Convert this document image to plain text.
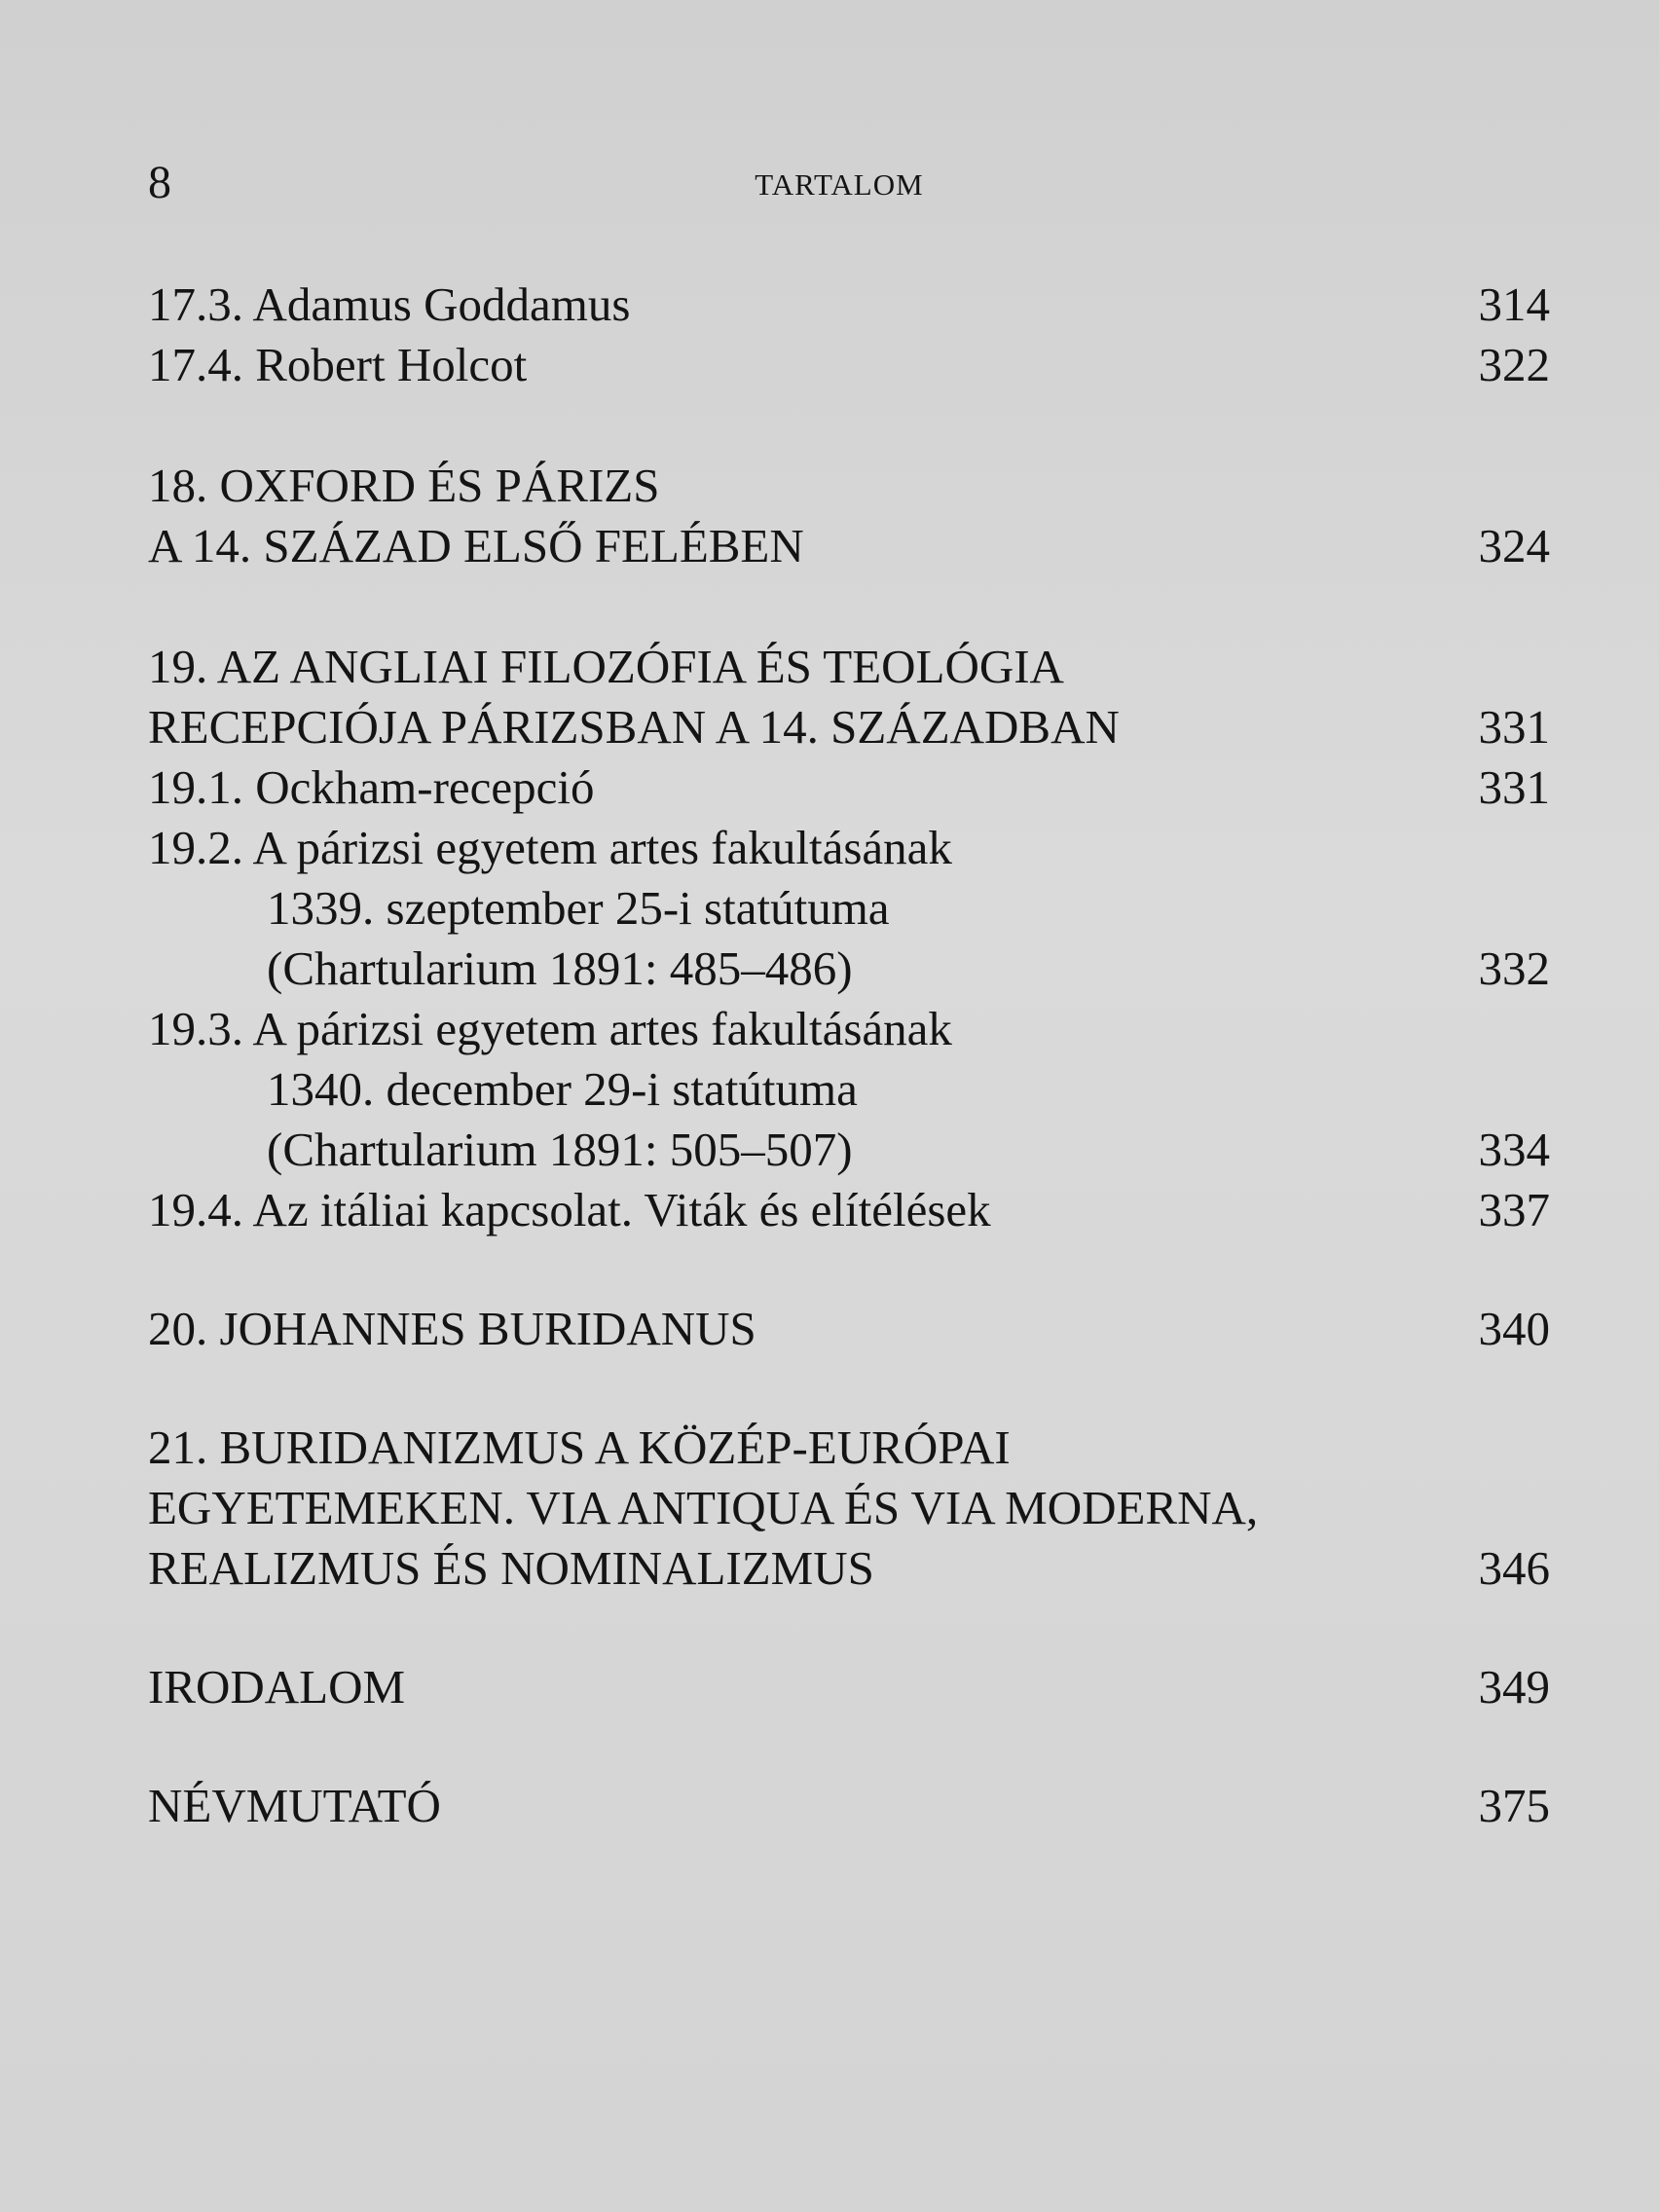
8	TARTALOM
17.3. Adamus Goddamus	314
17.4. Robert Holcot	322
18. OXFORD ÉS PÁRIZS
A 14. SZÁZAD ELSŐ FELÉBEN	324
19. AZ ANGLIAI FILOZÓFIA ÉS TEOLÓGIA
RECEPCIÓJA PÁRIZSBAN A 14. SZÁZADBAN	331
19.1. Ockham-recepció	331
19.2. A párizsi egyetem artes fakultásának
1339. szeptember 25-i statútuma
(Chartularium 1891: 485–486)	332
19.3. A párizsi egyetem artes fakultásának
1340. december 29-i statútuma
(Chartularium 1891: 505–507)	334
19.4. Az itáliai kapcsolat. Viták és elítélések	337
20. JOHANNES BURIDANUS	340
21. BURIDANIZMUS A KÖZÉP-EURÓPAI
EGYETEMEKEN. VIA ANTIQUA ÉS VIA MODERNA,
REALIZMUS ÉS NOMINALIZMUS	346
IRODALOM	349
NÉVMUTATÓ	375
